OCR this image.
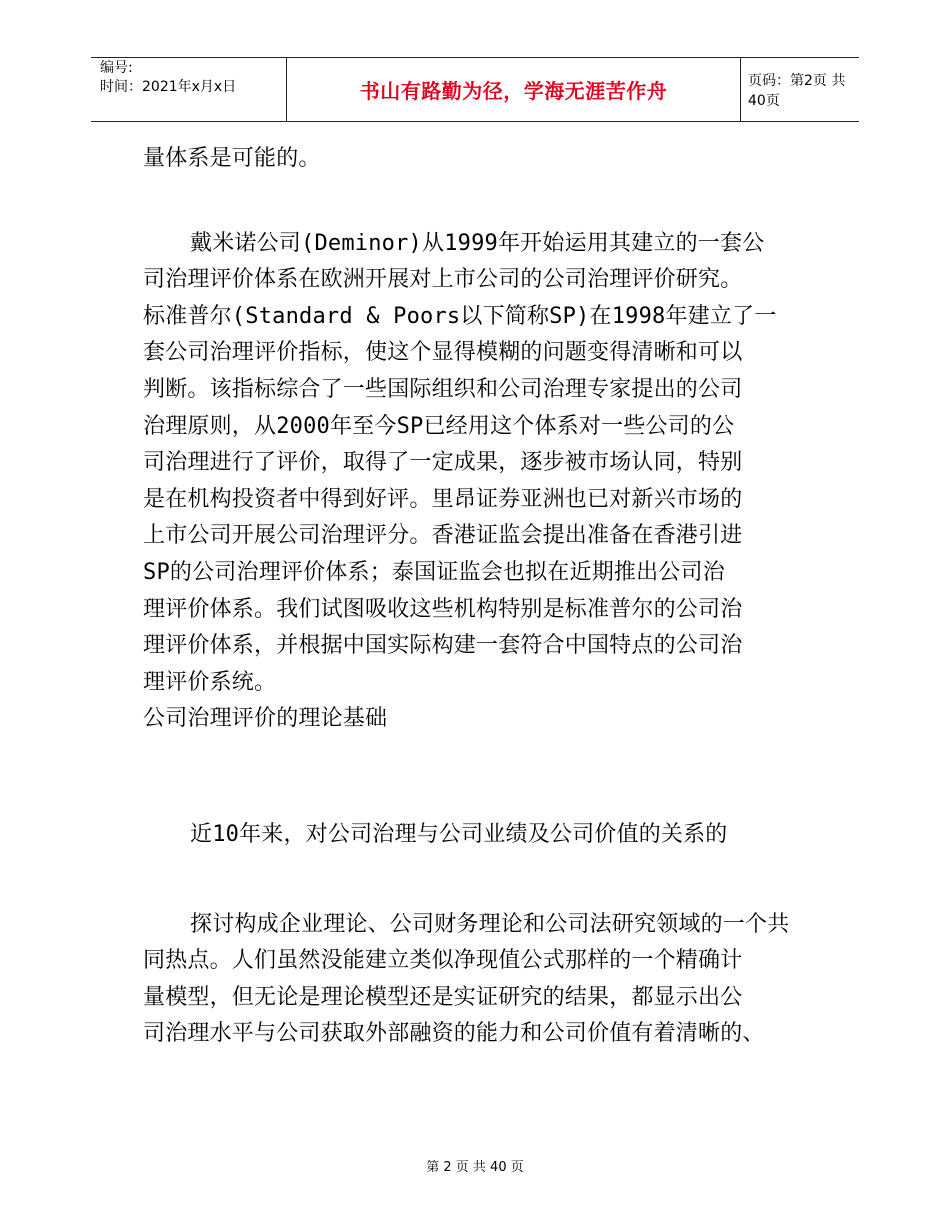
编号:
时间：2021年x月x日	书山有路勤为径，学海无涯苦作舟	页码：第2页 共40页
量体系是可能的。
戴米诺公司(Deminor)从1999年开始运用其建立的一套公
司治理评价体系在欧洲开展对上市公司的公司治理评价研究。
标准普尔(Standard & Poors以下简称SP)在1998年建立了一
套公司治理评价指标，使这个显得模糊的问题变得清晰和可以
判断。该指标综合了一些国际组织和公司治理专家提出的公司
治理原则，从2000年至今SP已经用这个体系对一些公司的公
司治理进行了评价，取得了一定成果，逐步被市场认同，特别
是在机构投资者中得到好评。里昂证券亚洲也已对新兴市场的
上市公司开展公司治理评分。香港证监会提出准备在香港引进
SP的公司治理评价体系；泰国证监会也拟在近期推出公司治
理评价体系。我们试图吸收这些机构特别是标准普尔的公司治
理评价体系，并根据中国实际构建一套符合中国特点的公司治
理评价系统。
公司治理评价的理论基础
近10年来，对公司治理与公司业绩及公司价值的关系的
探讨构成企业理论、公司财务理论和公司法研究领域的一个共
同热点。人们虽然没能建立类似净现值公式那样的一个精确计
量模型，但无论是理论模型还是实证研究的结果，都显示出公
司治理水平与公司获取外部融资的能力和公司价值有着清晰的、
第 2 页 共 40 页
